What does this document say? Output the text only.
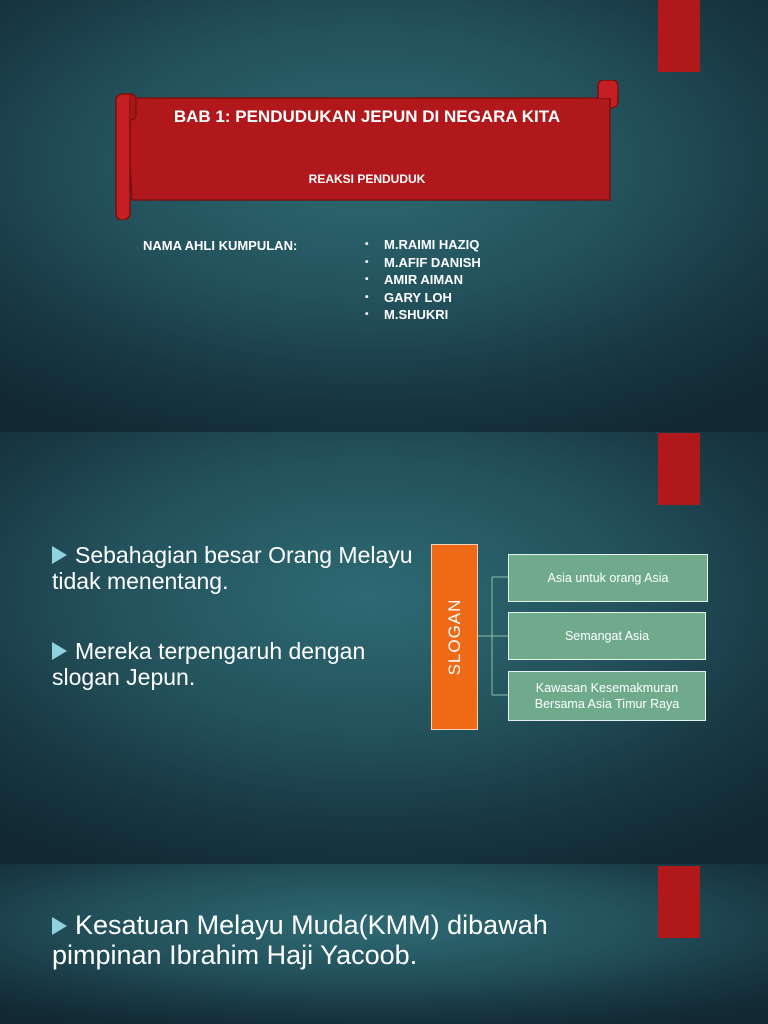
BAB 1: PENDUDUKAN JEPUN DI NEGARA KITA
REAKSI PENDUDUK
NAMA AHLI KUMPULAN:	• M.RAIMI HAZIQ
• M.AFIF DANISH
• AMIR AIMAN
• GARY LOH
• M.SHUKRI
Sebahagian besar Orang Melayu tidak menentang.
Mereka terpengaruh dengan slogan Jepun.
SLOGAN
Asia untuk orang Asia
Semangat Asia
Kawasan Kesemakmuran Bersama Asia Timur Raya
Kesatuan Melayu Muda(KMM) dibawah pimpinan Ibrahim Haji Yacoob.
